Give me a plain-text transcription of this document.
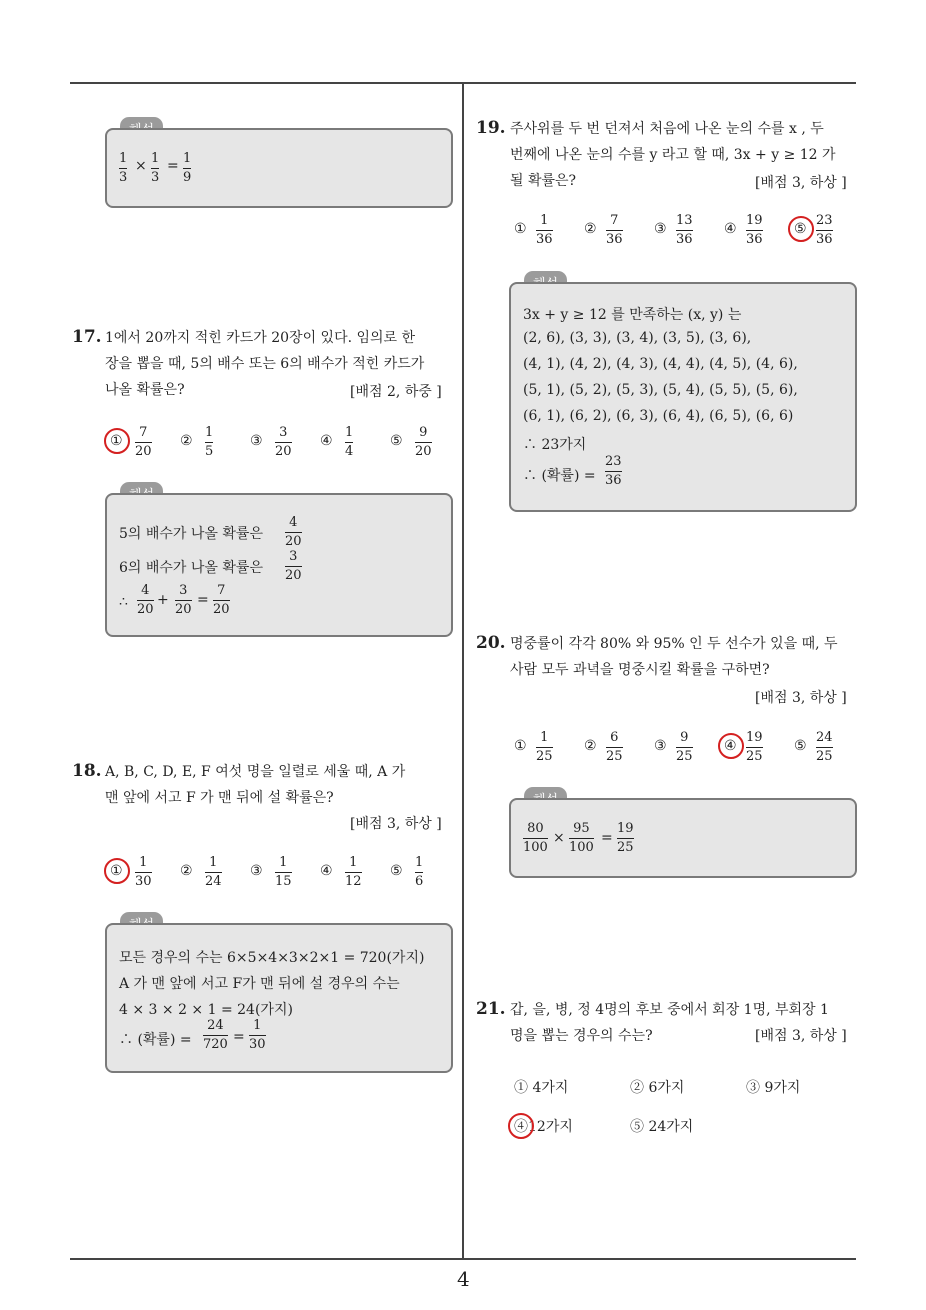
$\frac{1}{3} \times \frac{1}{3} = \frac{1}{9}$
17. 1에서 20까지 적힌 카드가 20장이 있다. 임의로 한
장을 뽑을 때, 5의 배수 또는 6의 배수가 적힌 카드가
나올 확률은?	[배점 2, 하중 ]
① $\frac{7}{20}$ ② $\frac{1}{5}$	③ $\frac{3}{20}$ ④ $\frac{1}{4}$	⑤ $\frac{9}{20}$
5의 배수가 나올 확률은 $\frac{4}{20}$
6의 배수가 나올 확률은 $\frac{3}{20}$
∴ $\frac{4}{20} + \frac{3}{20} = \frac{7}{20}$
18. A, B, C, D, E, F 여섯 명을 일렬로 세울 때, A 가
맨 앞에 서고 F 가 맨 뒤에 설 확률은?
[배점 3, 하상 ]
① $\frac{1}{30}$ ② $\frac{1}{24}$ ③ $\frac{1}{15}$ ④ $\frac{1}{12}$ ⑤ $\frac{1}{6}$
모든 경우의 수는 6×5×4×3×2×1 = 720(가지)
A 가 맨 앞에 서고 F가 맨 뒤에 설 경우의 수는
4 × 3 × 2 × 1 = 24(가지)
∴ (확률) = $\frac{24}{720} = \frac{1}{30}$
19. 주사위를 두 번 던져서 처음에 나온 눈의 수를 x , 두
번째에 나온 눈의 수를 y 라고 할 때, 3x + y ≥ 12 가
될 확률은?	[배점 3, 하상 ]
① $\frac{1}{36}$ ② $\frac{7}{36}$ ③ $\frac{13}{36}$ ④ $\frac{19}{36}$ ⑤ $\frac{23}{36}$
3x + y ≥ 12 를 만족하는 (x, y) 는
(2, 6), (3, 3), (3, 4), (3, 5), (3, 6),
(4, 1), (4, 2), (4, 3), (4, 4), (4, 5), (4, 6),
(5, 1), (5, 2), (5, 3), (5, 4), (5, 5), (5, 6),
(6, 1), (6, 2), (6, 3), (6, 4), (6, 5), (6, 6)
∴ 23가지
∴ (확률) = $\frac{23}{36}$
20. 명중률이 각각 80% 와 95% 인 두 선수가 있을 때, 두
사람 모두 과녁을 명중시킬 확률을 구하면?
[배점 3, 하상 ]
① $\frac{1}{25}$ ② $\frac{6}{25}$ ③ $\frac{9}{25}$ ④ $\frac{19}{25}$ ⑤ $\frac{24}{25}$
$\frac{80}{100} \times \frac{95}{100} = \frac{19}{25}$
21. 갑, 을, 병, 정 4명의 후보 중에서 회장 1명, 부회장 1
명을 뽑는 경우의 수는?	[배점 3, 하상 ]
① 4가지	② 6가지	③ 9가지
④12가지	⑤ 24가지
4
